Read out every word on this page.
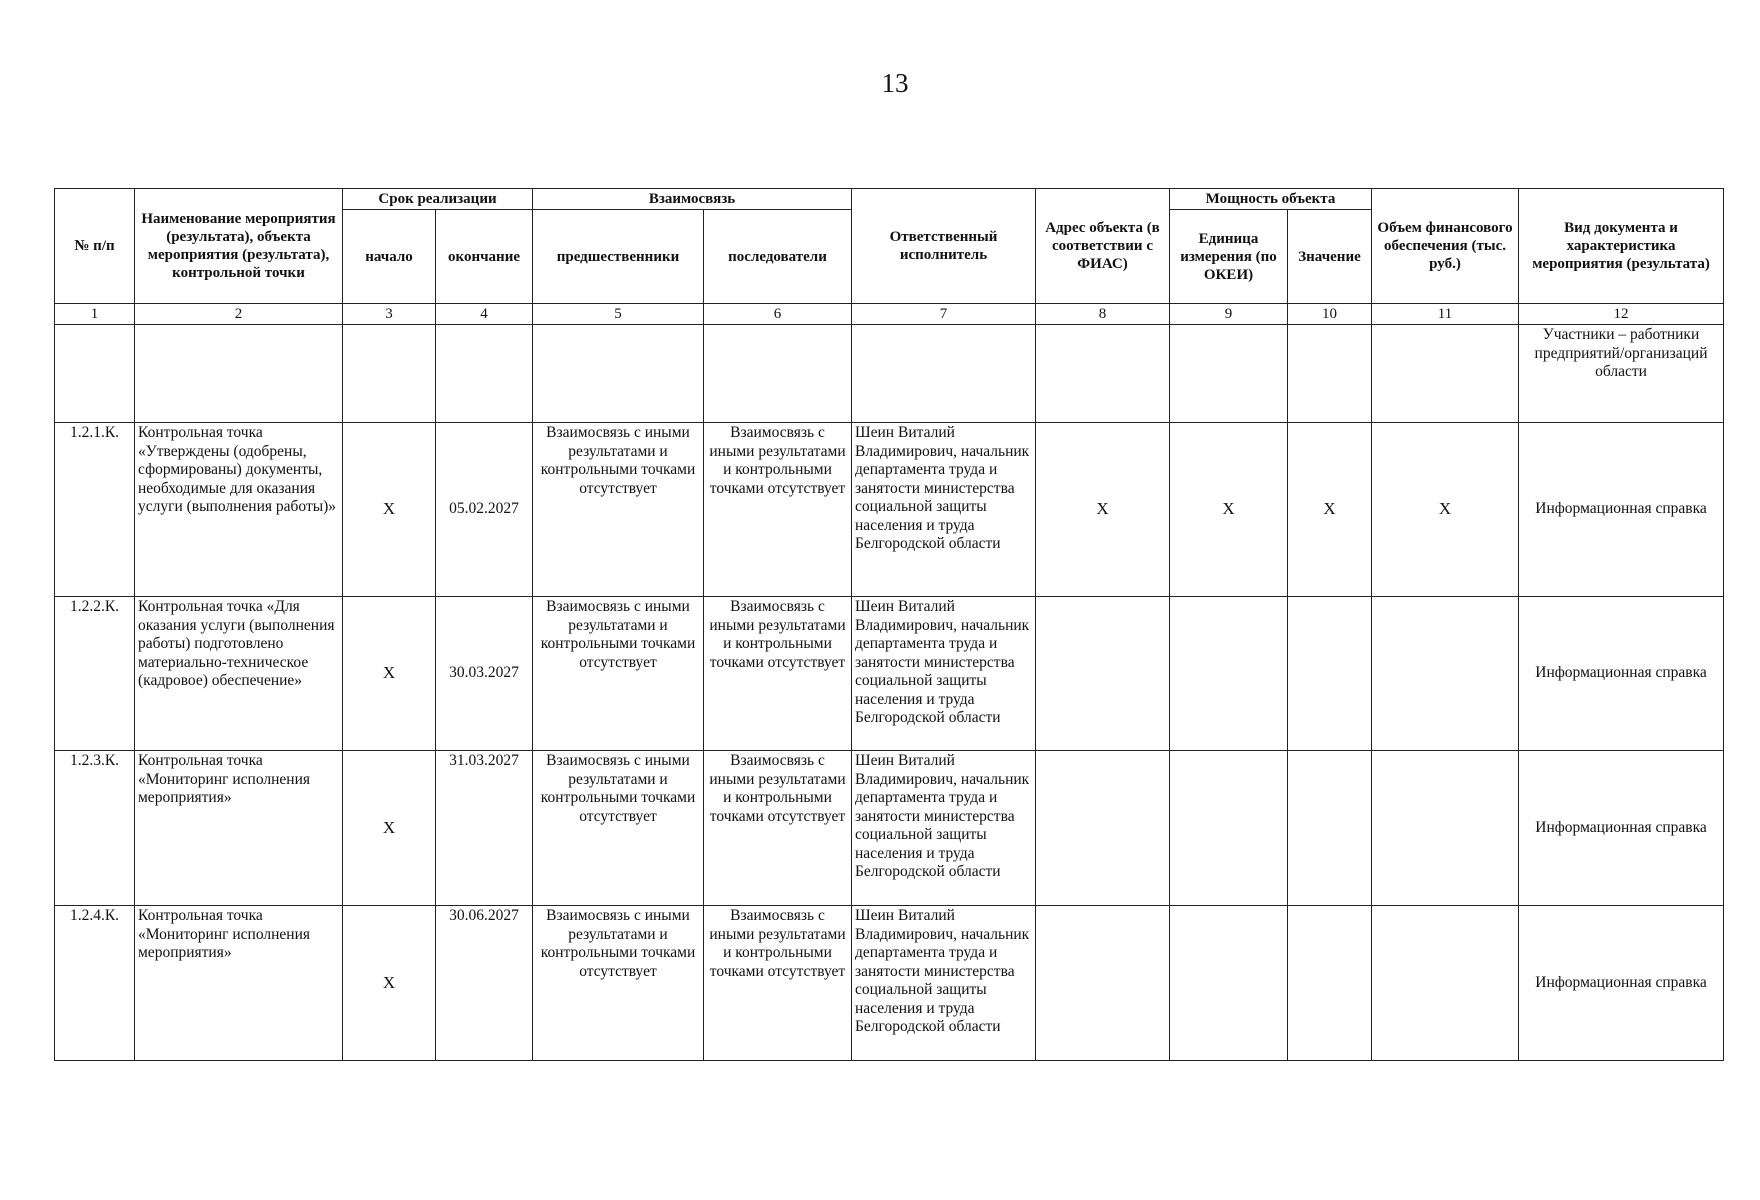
13
№ п/п	Наименование мероприятия (результата), объекта мероприятия (результата), контрольной точки	Срок реализации		Взаимосвязь		Ответственный исполнитель	Адрес объекта (в соответствии с ФИАС)	Мощность объекта		Объем финансового обеспечения (тыс. руб.)	Вид документа и характеристика мероприятия (результата)
		начало	окончание	предшественники	последователи			Единица измерения (по ОКЕИ)	Значение		
1	2	3	4	5	6	7	8	9	10	11	12
											Участники – работники предприятий/организаций области
1.2.1.К.	Контрольная точка «Утверждены (одобрены, сформированы) документы, необходимые для оказания услуги (выполнения работы)»	X	05.02.2027	Взаимосвязь с иными результатами и контрольными точками отсутствует	Взаимосвязь с иными результатами и контрольными точками отсутствует	Шеин Виталий Владимирович, начальник департамента труда и занятости министерства социальной защиты населения и труда Белгородской области	X	X	X	X	Информационная справка
1.2.2.К.	Контрольная точка «Для оказания услуги (выполнения работы) подготовлено материально-техническое (кадровое) обеспечение»	X	30.03.2027	Взаимосвязь с иными результатами и контрольными точками отсутствует	Взаимосвязь с иными результатами и контрольными точками отсутствует	Шеин Виталий Владимирович, начальник департамента труда и занятости министерства социальной защиты населения и труда Белгородской области					Информационная справка
1.2.3.К.	Контрольная точка «Мониторинг исполнения мероприятия»	X	31.03.2027	Взаимосвязь с иными результатами и контрольными точками отсутствует	Взаимосвязь с иными результатами и контрольными точками отсутствует	Шеин Виталий Владимирович, начальник департамента труда и занятости министерства социальной защиты населения и труда Белгородской области					Информационная справка
1.2.4.К.	Контрольная точка «Мониторинг исполнения мероприятия»	X	30.06.2027	Взаимосвязь с иными результатами и контрольными точками отсутствует	Взаимосвязь с иными результатами и контрольными точками отсутствует	Шеин Виталий Владимирович, начальник департамента труда и занятости министерства социальной защиты населения и труда Белгородской области					Информационная справка
